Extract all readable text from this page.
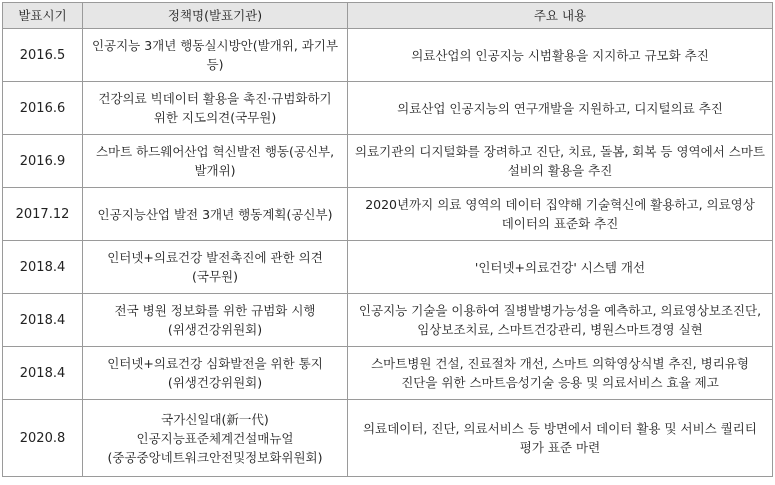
발표시기	정책명(발표기관)	주요 내용
2016.5	인공지능 3개년 행동실시방안(발개위, 과기부 등)	의료산업의 인공지능 시범활용을 지지하고 규모화 추진
2016.6	건강의료 빅데이터 활용을 촉진·규범화하기 위한 지도의견(국무원)	의료산업 인공지능의 연구개발을 지원하고, 디지털의료 추진
2016.9	스마트 하드웨어산업 혁신발전 행동(공신부, 발개위)	의료기관의 디지털화를 장려하고 진단, 치료, 돌봄, 회복 등 영역에서 스마트 설비의 활용을 추진
2017.12	인공지능산업 발전 3개년 행동계획(공신부)	2020년까지 의료 영역의 데이터 집약해 기술혁신에 활용하고, 의료영상 데이터의 표준화 추진
2018.4	인터넷+의료건강 발전촉진에 관한 의견(국무원)	'인터넷+의료건강' 시스템 개선
2018.4	전국 병원 정보화를 위한 규범화 시행(위생건강위원회)	인공지능 기술을 이용하여 질병발병가능성을 예측하고, 의료영상보조진단, 임상보조치료, 스마트건강관리, 병원스마트경영 실현
2018.4	인터넷+의료건강 심화발전을 위한 통지(위생건강위원회)	스마트병원 건설, 진료절차 개선, 스마트 의학영상식별 추진, 병리유형 진단을 위한 스마트음성기술 응용 및 의료서비스 효율 제고
2020.8	국가신일대(新一代)인공지능표준체계건설매뉴얼(중공중앙네트워크안전및정보화위원회)	의료데이터, 진단, 의료서비스 등 방면에서 데이터 활용 및 서비스 퀄리티 평가 표준 마련
